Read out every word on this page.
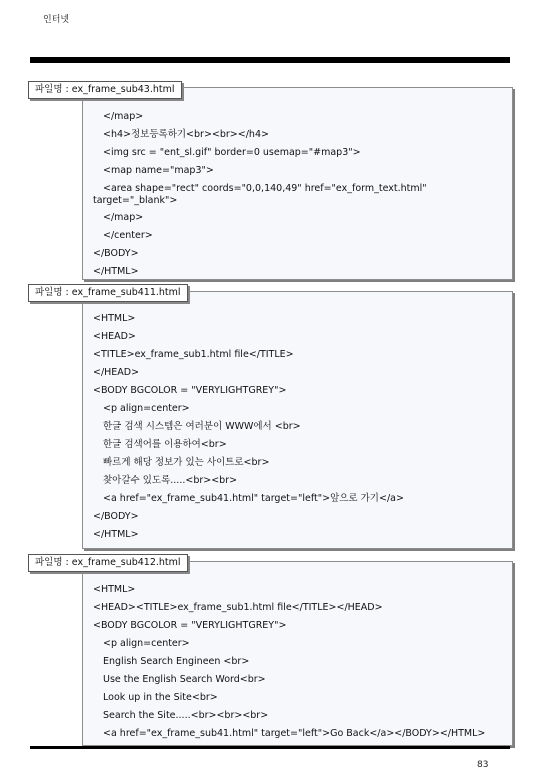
인터넷
파일명 : ex_frame_sub43.html
</map>
<h4>정보등록하기<br><br></h4>
<img src = "ent_sl.gif" border=0 usemap="#map3">
<map name="map3">
<area shape="rect" coords="0,0,140,49" href="ex_form_text.html"
target="_blank">
</map>
</center>
</BODY>
</HTML>
파일명 : ex_frame_sub411.html
<HTML>
<HEAD>
<TITLE>ex_frame_sub1.html file</TITLE>
</HEAD>
<BODY BGCOLOR = "VERYLIGHTGREY">
<p align=center>
한글 검색 시스템은 여러분이 WWW에서 <br>
한글 검색어를 이용하여<br>
빠르게 해당 정보가 있는 사이트로<br>
찾아갈수 있도록.....<br><br>
<a href="ex_frame_sub41.html" target="left">앞으로 가기</a>
</BODY>
</HTML>
파일명 : ex_frame_sub412.html
<HTML>
<HEAD><TITLE>ex_frame_sub1.html file</TITLE></HEAD>
<BODY BGCOLOR = "VERYLIGHTGREY">
<p align=center>
English Search Engineen <br>
Use the English Search Word<br>
Look up in the Site<br>
Search the Site.....<br><br><br>
<a href="ex_frame_sub41.html" target="left">Go Back</a></BODY></HTML>
83
